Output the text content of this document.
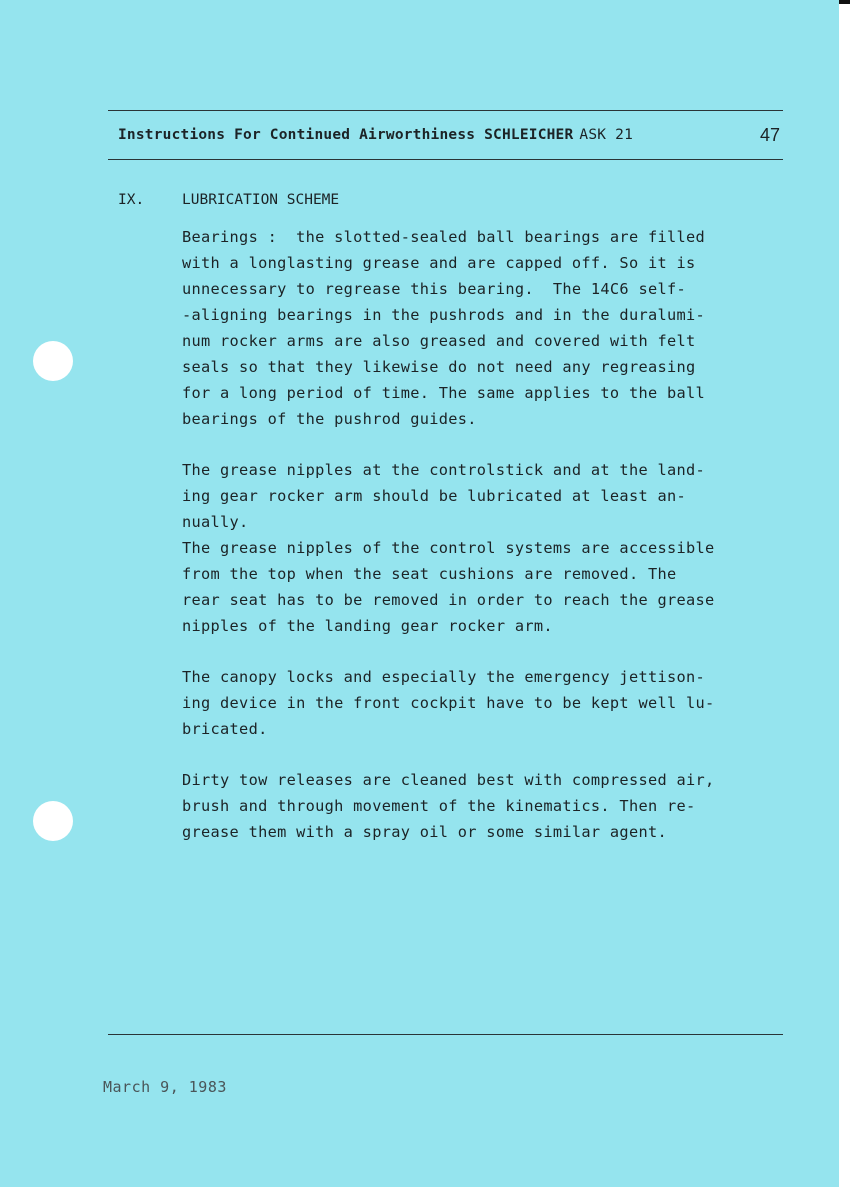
Instructions For Continued Airworthiness SCHLEICHER ASK 21	47
IX.	LUBRICATION SCHEME

Bearings :  the slotted-sealed ball bearings are filled
with a longlasting grease and are capped off. So it is
unnecessary to regrease this bearing.  The 14C6 self-
-aligning bearings in the pushrods and in the duralumi-
num rocker arms are also greased and covered with felt
seals so that they likewise do not need any regreasing
for a long period of time. The same applies to the ball
bearings of the pushrod guides.

The grease nipples at the controlstick and at the land-
ing gear rocker arm should be lubricated at least an-
nually.

The grease nipples of the control systems are accessible
from the top when the seat cushions are removed. The
rear seat has to be removed in order to reach the grease
nipples of the landing gear rocker arm.

The canopy locks and especially the emergency jettison-
ing device in the front cockpit have to be kept well lu-
bricated.

Dirty tow releases are cleaned best with compressed air,
brush and through movement of the kinematics. Then re-
grease them with a spray oil or some similar agent.

March 9, 1983
